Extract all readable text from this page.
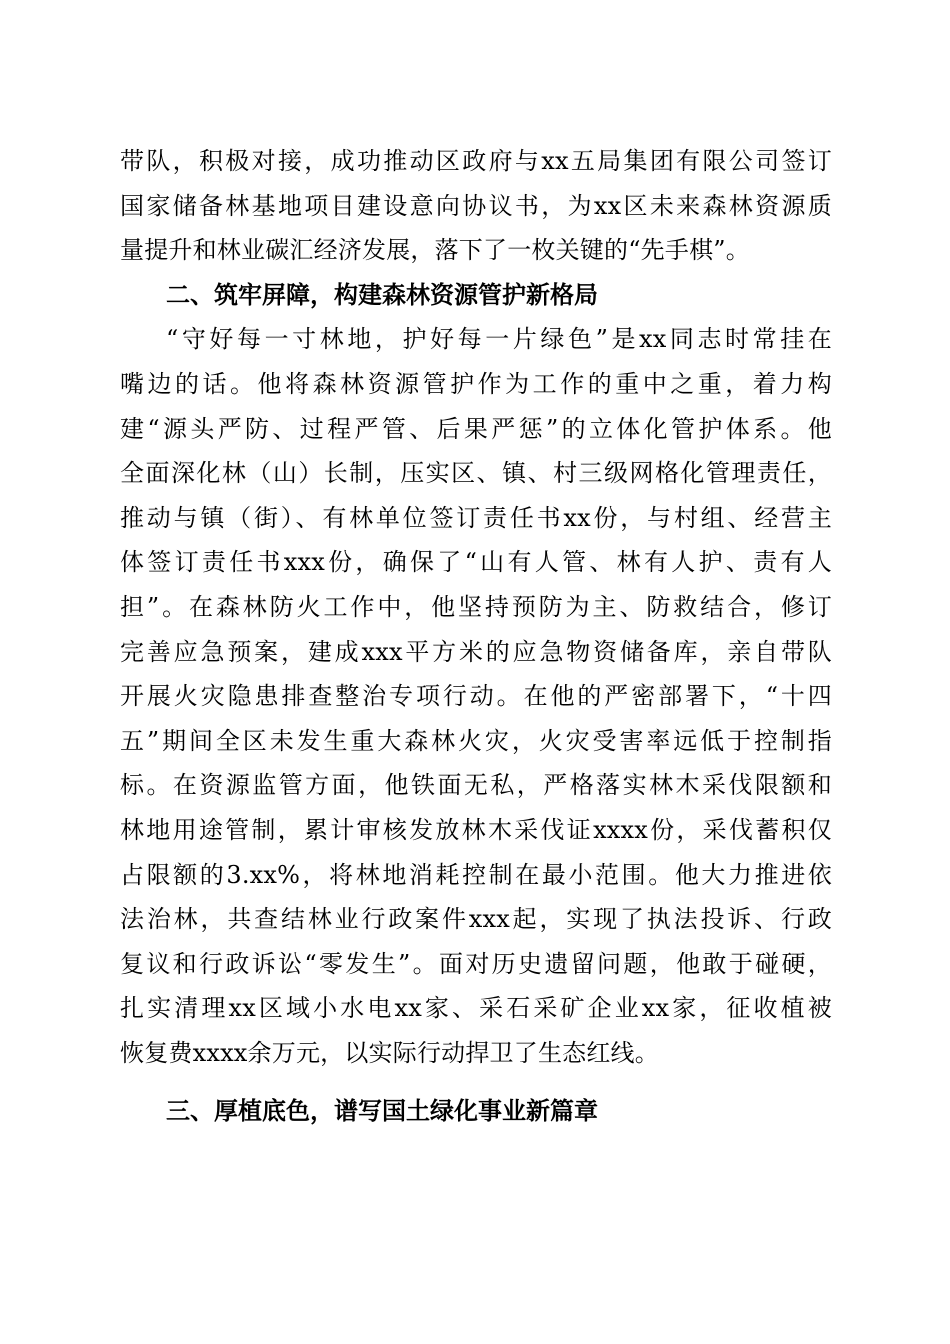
带队，积极对接，成功推动区政府与xx五局集团有限公司签订
国家储备林基地项目建设意向协议书，为xx区未来森林资源质
量提升和林业碳汇经济发展，落下了一枚关键的“先手棋”。
二、筑牢屏障，构建森林资源管护新格局
“守好每一寸林地，护好每一片绿色”是xx同志时常挂在
嘴边的话。他将森林资源管护作为工作的重中之重，着力构
建“源头严防、过程严管、后果严惩”的立体化管护体系。他
全面深化林（山）长制，压实区、镇、村三级网格化管理责任，
推动与镇（街）、有林单位签订责任书xx份，与村组、经营主
体签订责任书xxx份，确保了“山有人管、林有人护、责有人
担”。在森林防火工作中，他坚持预防为主、防救结合，修订
完善应急预案，建成xxx平方米的应急物资储备库，亲自带队
开展火灾隐患排查整治专项行动。在他的严密部署下，“十四
五”期间全区未发生重大森林火灾，火灾受害率远低于控制指
标。在资源监管方面，他铁面无私，严格落实林木采伐限额和
林地用途管制，累计审核发放林木采伐证xxxx份，采伐蓄积仅
占限额的3.xx%，将林地消耗控制在最小范围。他大力推进依
法治林，共查结林业行政案件xxx起，实现了执法投诉、行政
复议和行政诉讼“零发生”。面对历史遗留问题，他敢于碰硬，
扎实清理xx区域小水电xx家、采石采矿企业xx家，征收植被
恢复费xxxx余万元，以实际行动捍卫了生态红线。
三、厚植底色，谱写国土绿化事业新篇章
